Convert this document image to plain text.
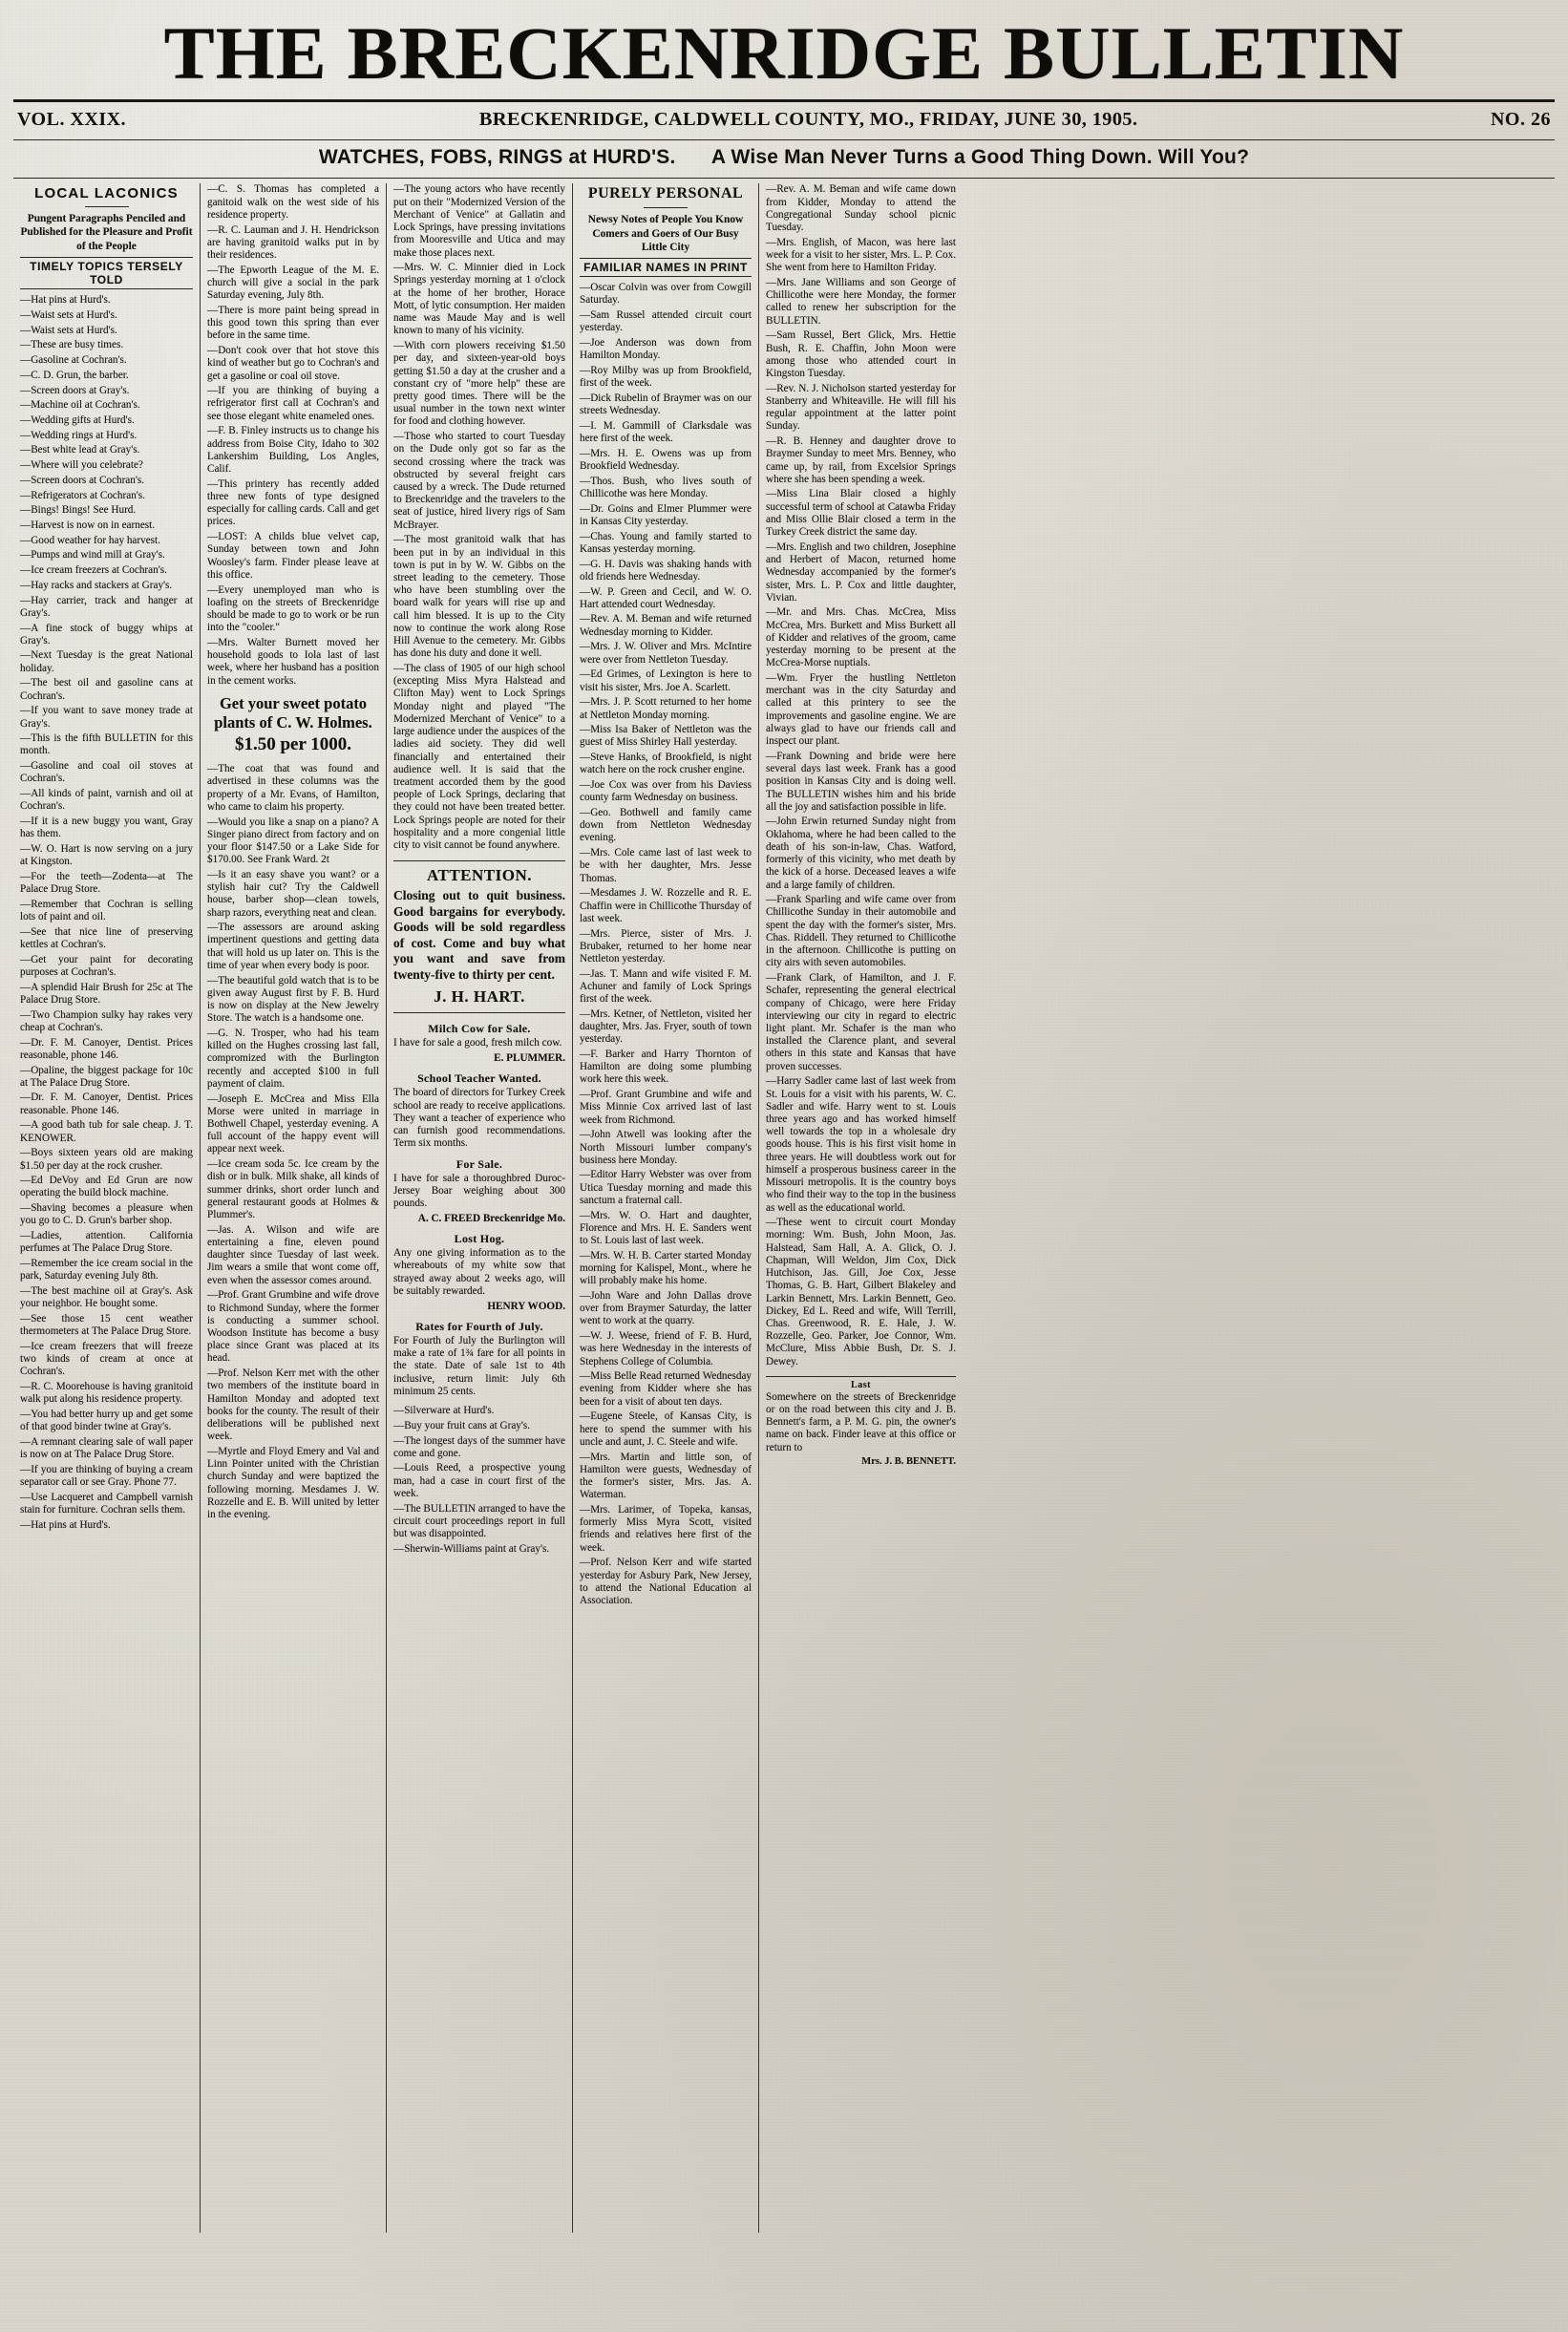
THE BRECKENRIDGE BULLETIN
VOL. XXIX.	BRECKENRIDGE, CALDWELL COUNTY, MO., FRIDAY, JUNE 30, 1905.	NO. 26
WATCHES, FOBS, RINGS at HURD'S. A Wise Man Never Turns a Good Thing Down. Will You?
LOCAL LACONICS
Pungent Paragraphs Penciled and Published for the Pleasure and Profit of the People
TIMELY TOPICS TERSELY TOLD

— Hat pins at Hurd's.

— Waist sets at Hurd's.

— Waist sets at Hurd's.

— These are busy times.

— Gasoline at Cochran's.

— C. D. Grun, the barber.

— Screen doors at Gray's.

— Machine oil at Cochran's.

— Wedding gifts at Hurd's.

— Wedding rings at Hurd's.

— Best white lead at Gray's.

— Where will you celebrate?

— Screen doors at Cochran's.

— Refrigerators at Cochran's.

— Bings! Bings! See Hurd.

— Harvest is now on in earnest.

— Good weather for hay harvest.

— Pumps and wind mill at Gray's.

— Ice cream freezers at Cochran's.

— Hay racks and stackers at Gray's.

— Hay carrier, track and hanger at Gray's.

— A fine stock of buggy whips at Gray's.

— Next Tuesday is the great National holiday.

— The best oil and gasoline cans at Cochran's.

— If you want to save money trade at Gray's.

— This is the fifth BULLETIN for this month.

— Gasoline and coal oil stoves at Cochran's.

— All kinds of paint, varnish and oil at Cochran's.

— If it is a new buggy you want, Gray has them.

— W. O. Hart is now serving on a jury at Kingston.

— For the teeth—Zodenta—at The Palace Drug Store.

— Remember that Cochran is selling lots of paint and oil.

— See that nice line of preserving kettles at Cochran's.

— Get your paint for decorating purposes at Cochran's.

— A splendid Hair Brush for 25c at The Palace Drug Store.

— Two Champion sulky hay rakes very cheap at Cochran's.

— Dr. F. M. Canoyer, Dentist. Prices reasonable, phone 146.

— Opaline, the biggest package for 10c at The Palace Drug Store.

— Dr. F. M. Canoyer, Dentist. Prices reasonable. Phone 146.

— A good bath tub for sale cheap. J. T. KENOWER.

— Boys sixteen years old are making $1.50 per day at the rock crusher.

— Ed DeVoy and Ed Grun are now operating the build block machine.

— Shaving becomes a pleasure when you go to C. D. Grun's barber shop.

— Ladies, attention. California perfumes at The Palace Drug Store.

— Remember the ice cream social in the park, Saturday evening July 8th.

— The best machine oil at Gray's. Ask your neighbor. He bought some.

— See those 15 cent weather thermometers at The Palace Drug Store.

— Ice cream freezers that will freeze two kinds of cream at once at Cochran's.

— R. C. Moorehouse is having granitoid walk put along his residence property.

— You had better hurry up and get some of that good binder twine at Gray's.

— A remnant clearing sale of wall paper is now on at The Palace Drug Store.

— If you are thinking of buying a cream separator call or see Gray. Phone 77.

— Use Lacqueret and Campbell varnish stain for furniture. Cochran sells them.

— Hat pins at Hurd's.

— C. S. Thomas has completed a ganitoid walk on the west side of his residence property.

— R. C. Lauman and J. H. Hendrickson are having granitoid walks put in by their residences.

— The Epworth League of the M. E. church will give a social in the park Saturday evening, July 8th.

— There is more paint being spread in this good town this spring than ever before in the same time.

— Don't cook over that hot stove this kind of weather but go to Cochran's and get a gasoline or coal oil stove.

— If you are thinking of buying a refrigerator first call at Cochran's and see those elegant white enameled ones.

— F. B. Finley instructs us to change his address from Boise City, Idaho to 302 Lankershim Building, Los Angles, Calif.

— This printery has recently added three new fonts of type designed especially for calling cards. Call and get prices.

— LOST: A childs blue velvet cap, Sunday between town and John Woosley's farm. Finder please leave at this office.

— Every unemployed man who is loafing on the streets of Breckenridge should be made to go to work or be run into the "cooler."

— Mrs. Walter Burnett moved her household goods to Iola last of last week, where her husband has a position in the cement works.

Get your sweet potato plants of C. W. Holmes.
$1.50 per 1000.

— The coat that was found and advertised in these columns was the property of a Mr. Evans, of Hamilton, who came to claim his property.

— Would you like a snap on a piano? A Singer piano direct from factory and on your floor $147.50 or a Lake Side for $170.00. See Frank Ward. 2t

— Is it an easy shave you want? or a stylish hair cut? Try the Caldwell house, barber shop—clean towels, sharp razors, everything neat and clean.

— The assessors are around asking impertinent questions and getting data that will hold us up later on. This is the time of year when every body is poor.

— The beautiful gold watch that is to be given away August first by F. B. Hurd is now on display at the New Jewelry Store. The watch is a handsome one.

— G. N. Trosper, who had his team killed on the Hughes crossing last fall, compromized with the Burlington recently and accepted $100 in full payment of claim.

— Joseph E. McCrea and Miss Ella Morse were united in marriage in Bothwell Chapel, yesterday evening. A full account of the happy event will appear next week.

— Ice cream soda 5c. Ice cream by the dish or in bulk. Milk shake, all kinds of summer drinks, short order lunch and general restaurant goods at Holmes & Plummer's.

— Jas. A. Wilson and wife are entertaining a fine, eleven pound daughter since Tuesday of last week. Jim wears a smile that wont come off, even when the assessor comes around.

— Prof. Grant Grumbine and wife drove to Richmond Sunday, where the former is conducting a summer school. Woodson Institute has become a busy place since Grant was placed at its head.

— Prof. Nelson Kerr met with the other two members of the institute board in Hamilton Monday and adopted text books for the county. The result of their deliberations will be published next week.

— Myrtle and Floyd Emery and Val and Linn Pointer united with the Christian church Sunday and were baptized the following morning. Mesdames J. W. Rozzelle and E. B. Will united by letter in the evening.

— The young actors who have recently put on their "Modernized Version of the Merchant of Venice" at Gallatin and Lock Springs, have pressing invitations from Mooresville and Utica and may make those places next.

— Mrs. W. C. Minnier died in Lock Springs yesterday morning at 1 o'clock at the home of her brother, Horace Mott, of lytic consumption. Her maiden name was Maude May and is well known to many of his vicinity.

— With corn plowers receiving $1.50 per day, and sixteen-year-old boys getting $1.50 a day at the crusher and a constant cry of "more help" these are pretty good times. There will be the usual number in the town next winter for food and clothing however.

— Those who started to court Tuesday on the Dude only got so far as the second crossing where the track was obstructed by several freight cars caused by a wreck. The Dude returned to Breckenridge and the travelers to the seat of justice, hired livery rigs of Sam McBrayer.

— The most granitoid walk that has been put in by an individual in this town is put in by W. W. Gibbs on the street leading to the cemetery. Those who have been stumbling over the board walk for years will rise up and call him blessed. It is up to the City now to continue the work along Rose Hill Avenue to the cemetery. Mr. Gibbs has done his duty and done it well.

— The class of 1905 of our high school (excepting Miss Myra Halstead and Clifton May) went to Lock Springs Monday night and played "The Modernized Merchant of Venice" to a large audience under the auspices of the ladies aid society. They did well financially and entertained their audience well. It is said that the treatment accorded them by the good people of Lock Springs, declaring that they could not have been treated better. Lock Springs people are noted for their hospitality and a more congenial little city to visit cannot be found anywhere.

ATTENTION.
Closing out to quit business. Good bargains for everybody. Goods will be sold regardless of cost. Come and buy what you want and save from twenty-five to thirty per cent.
J. H. HART.
Milch Cow for Sale.

I have for sale a good, fresh milch cow.

E. PLUMMER.
School Teacher Wanted.

The board of directors for Turkey Creek school are ready to receive applications. They want a teacher of experience who can furnish good recommendations. Term six months.

For Sale.

I have for sale a thoroughbred Duroc-Jersey Boar weighing about 300 pounds.

A. C. FREED Breckenridge Mo.
Lost Hog.

Any one giving information as to the whereabouts of my white sow that strayed away about 2 weeks ago, will be suitably rewarded.

HENRY WOOD.
Rates for Fourth of July.

For Fourth of July the Burlington will make a rate of 1¾ fare for all points in the state. Date of sale 1st to 4th inclusive, return limit: July 6th minimum 25 cents.

— Silverware at Hurd's.

— Buy your fruit cans at Gray's.

— The longest days of the summer have come and gone.

— Louis Reed, a prospective young man, had a case in court first of the week.

— The BULLETIN arranged to have the circuit court proceedings report in full but was disappointed.

— Sherwin-Williams paint at Gray's.

PURELY PERSONAL
Newsy Notes of People You Know Comers and Goers of Our Busy Little City
FAMILIAR NAMES IN PRINT

— Oscar Colvin was over from Cowgill Saturday.

— Sam Russel attended circuit court yesterday.

— Joe Anderson was down from Hamilton Monday.

— Roy Milby was up from Brookfield, first of the week.

— Dick Rubelin of Braymer was on our streets Wednesday.

— I. M. Gammill of Clarksdale was here first of the week.

— Mrs. H. E. Owens was up from Brookfield Wednesday.

— Thos. Bush, who lives south of Chillicothe was here Monday.

— Dr. Goins and Elmer Plummer were in Kansas City yesterday.

— Chas. Young and family started to Kansas yesterday morning.

— G. H. Davis was shaking hands with old friends here Wednesday.

— W. P. Green and Cecil, and W. O. Hart attended court Wednesday.

— Rev. A. M. Beman and wife returned Wednesday morning to Kidder.

— Mrs. J. W. Oliver and Mrs. McIntire were over from Nettleton Tuesday.

— Ed Grimes, of Lexington is here to visit his sister, Mrs. Joe A. Scarlett.

— Mrs. J. P. Scott returned to her home at Nettleton Monday morning.

— Miss Isa Baker of Nettleton was the guest of Miss Shirley Hall yesterday.

— Steve Hanks, of Brookfield, is night watch here on the rock crusher engine.

— Joe Cox was over from his Daviess county farm Wednesday on business.

— Geo. Bothwell and family came down from Nettleton Wednesday evening.

— Mrs. Cole came last of last week to be with her daughter, Mrs. Jesse Thomas.

— Mesdames J. W. Rozzelle and R. E. Chaffin were in Chillicothe Thursday of last week.

— Mrs. Pierce, sister of Mrs. J. Brubaker, returned to her home near Nettleton yesterday.

— Jas. T. Mann and wife visited F. M. Achuner and family of Lock Springs first of the week.

— Mrs. Ketner, of Nettleton, visited her daughter, Mrs. Jas. Fryer, south of town yesterday.

— F. Barker and Harry Thornton of Hamilton are doing some plumbing work here this week.

— Prof. Grant Grumbine and wife and Miss Minnie Cox arrived last of last week from Richmond.

— John Atwell was looking after the North Missouri lumber company's business here Monday.

— Editor Harry Webster was over from Utica Tuesday morning and made this sanctum a fraternal call.

— Mrs. W. O. Hart and daughter, Florence and Mrs. H. E. Sanders went to St. Louis last of last week.

— Mrs. W. H. B. Carter started Monday morning for Kalispel, Mont., where he will probably make his home.

— John Ware and John Dallas drove over from Braymer Saturday, the latter went to work at the quarry.

— W. J. Weese, friend of F. B. Hurd, was here Wednesday in the interests of Stephens College of Columbia.

— Miss Belle Read returned Wednesday evening from Kidder where she has been for a visit of about ten days.

— Eugene Steele, of Kansas City, is here to spend the summer with his uncle and aunt, J. C. Steele and wife.

— Mrs. Martin and little son, of Hamilton were guests, Wednesday of the former's sister, Mrs. Jas. A. Waterman.

— Mrs. Larimer, of Topeka, kansas, formerly Miss Myra Scott, visited friends and relatives here first of the week.

— Prof. Nelson Kerr and wife started yesterday for Asbury Park, New Jersey, to attend the National Education al Association.

— Rev. A. M. Beman and wife came down from Kidder, Monday to attend the Congregational Sunday school picnic Tuesday.

— Mrs. English, of Macon, was here last week for a visit to her sister, Mrs. L. P. Cox. She went from here to Hamilton Friday.

— Mrs. Jane Williams and son George of Chillicothe were here Monday, the former called to renew her subscription for the BULLETIN.

— Sam Russel, Bert Glick, Mrs. Hettie Bush, R. E. Chaffin, John Moon were among those who attended court in Kingston Tuesday.

— Rev. N. J. Nicholson started yesterday for Stanberry and Whiteaville. He will fill his regular appointment at the latter point Sunday.

— R. B. Henney and daughter drove to Braymer Sunday to meet Mrs. Benney, who came up, by rail, from Excelsior Springs where she has been spending a week.

— Miss Lina Blair closed a highly successful term of school at Catawba Friday and Miss Ollie Blair closed a term in the Turkey Creek district the same day.

— Mrs. English and two children, Josephine and Herbert of Macon, returned home Wednesday accompanied by the former's sister, Mrs. L. P. Cox and little daughter, Vivian.

— Mr. and Mrs. Chas. McCrea, Miss McCrea, Mrs. Burkett and Miss Burkett all of Kidder and relatives of the groom, came yesterday morning to be present at the McCrea-Morse nuptials.

— Wm. Fryer the hustling Nettleton merchant was in the city Saturday and called at this printery to see the improvements and gasoline engine. We are always glad to have our friends call and inspect our plant.

— Frank Downing and bride were here several days last week. Frank has a good position in Kansas City and is doing well. The BULLETIN wishes him and his bride all the joy and satisfaction possible in life.

— John Erwin returned Sunday night from Oklahoma, where he had been called to the death of his son-in-law, Chas. Watford, formerly of this vicinity, who met death by the kick of a horse. Deceased leaves a wife and a large family of children.

— Frank Sparling and wife came over from Chillicothe Sunday in their automobile and spent the day with the former's sister, Mrs. Chas. Riddell. They returned to Chillicothe in the afternoon. Chillicothe is putting on city airs with seven automobiles.

— Frank Clark, of Hamilton, and J. F. Schafer, representing the general electrical company of Chicago, were here Friday interviewing our city in regard to electric light plant. Mr. Schafer is the man who installed the Clarence plant, and several others in this state and Kansas that have proven successes.

— Harry Sadler came last of last week from St. Louis for a visit with his parents, W. C. Sadler and wife. Harry went to st. Louis three years ago and has worked himself well towards the top in a wholesale dry goods house. This is his first visit home in three years. He will doubtless work out for himself a prosperous business career in the Missouri metropolis. It is the country boys who find their way to the top in the business as well as the educational world.

— These went to circuit court Monday morning: Wm. Bush, John Moon, Jas. Halstead, Sam Hall, A. A. Glick, O. J. Chapman, Will Weldon, Jim Cox, Dick Hutchison, Jas. Gill, Joe Cox, Jesse Thomas, G. B. Hart, Gilbert Blakeley and Larkin Bennett, Mrs. Larkin Bennett, Geo. Dickey, Ed L. Reed and wife, Will Terrill, Chas. Greenwood, R. E. Hale, J. W. Rozzelle, Geo. Parker, Joe Connor, Wm. McClure, Miss Abbie Bush, Dr. S. J. Dewey.

Last

Somewhere on the streets of Breckenridge or on the road between this city and J. B. Bennett's farm, a P. M. G. pin, the owner's name on back. Finder leave at this office or return to

Mrs. J. B. BENNETT.
